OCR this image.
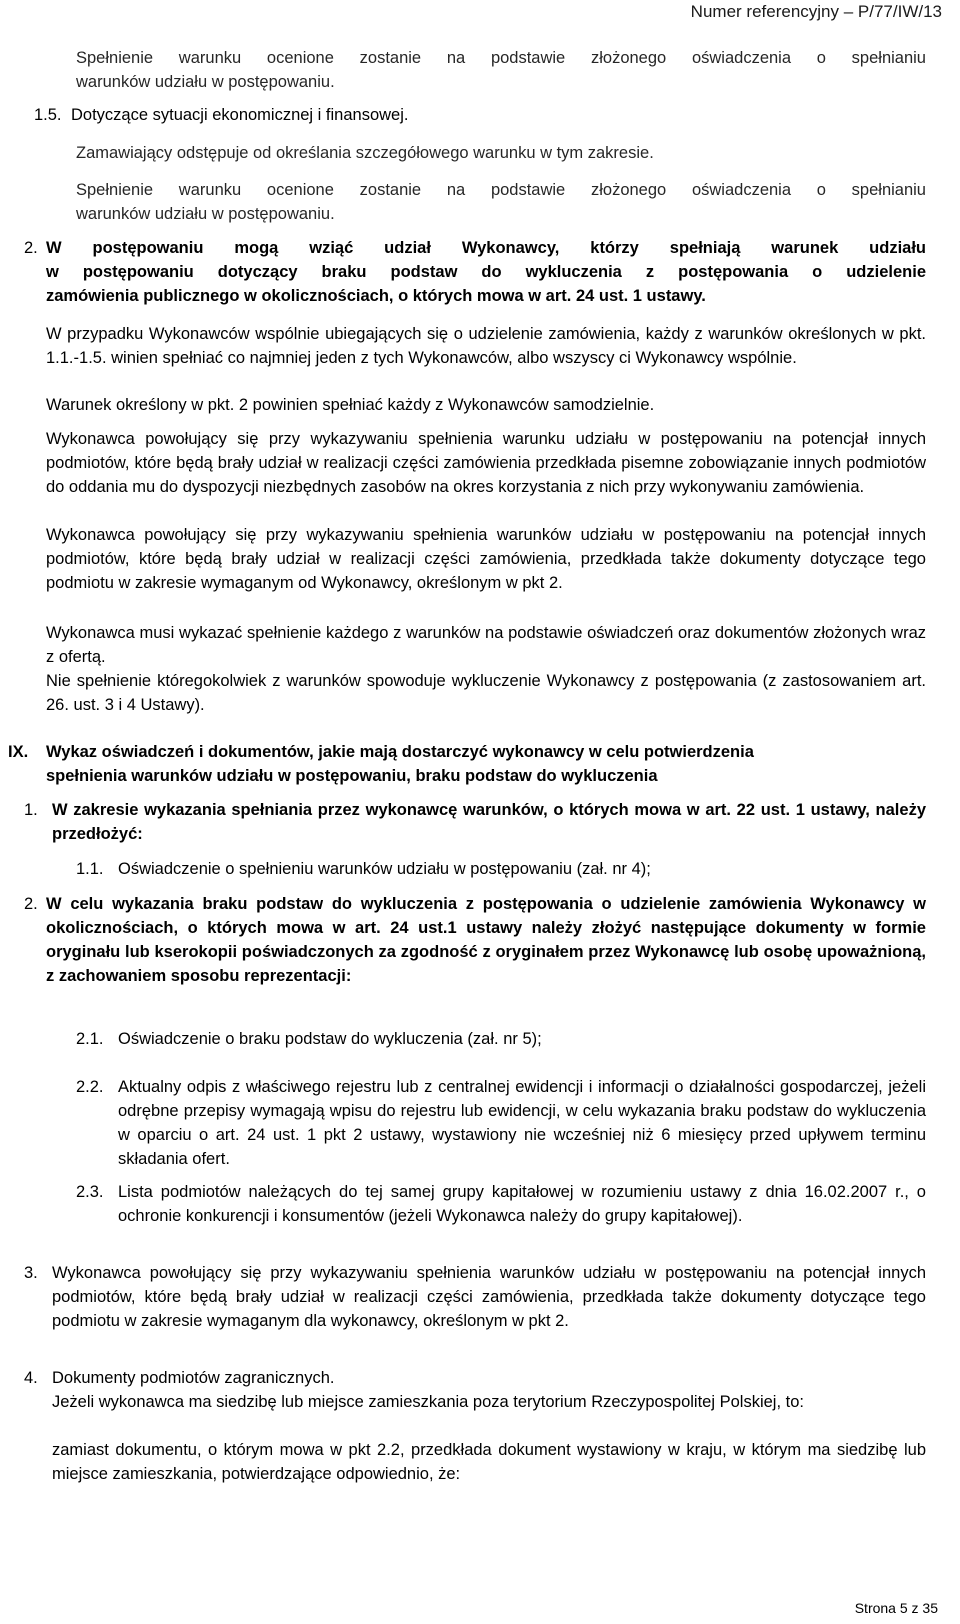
Numer referencyjny – P/77/IW/13
Spełnienie warunku ocenione zostanie na podstawie złożonego oświadczenia o spełnianiu
warunków udziału w postępowaniu.
1.5. Dotyczące sytuacji ekonomicznej i finansowej.
Zamawiający odstępuje od określania szczegółowego warunku w tym zakresie.
Spełnienie warunku ocenione zostanie na podstawie złożonego oświadczenia o spełnianiu
warunków udziału w postępowaniu.
2. W postępowaniu mogą wziąć udział Wykonawcy, którzy spełniają warunek udziału
w postępowaniu dotyczący braku podstaw do wykluczenia z postępowania o udzielenie
zamówienia publicznego w okolicznościach, o których mowa w art. 24 ust. 1 ustawy.
W przypadku Wykonawców wspólnie ubiegających się o udzielenie zamówienia, każdy z warunków określonych w pkt. 1.1.-1.5. winien spełniać co najmniej jeden z tych Wykonawców, albo wszyscy ci Wykonawcy wspólnie.
Warunek określony w pkt. 2 powinien spełniać każdy z Wykonawców samodzielnie.
Wykonawca powołujący się przy wykazywaniu spełnienia warunku udziału w postępowaniu na potencjał innych podmiotów, które będą brały udział w realizacji części zamówienia przedkłada pisemne zobowiązanie innych podmiotów do oddania mu do dyspozycji niezbędnych zasobów na okres korzystania z nich przy wykonywaniu zamówienia.
Wykonawca powołujący się przy wykazywaniu spełnienia warunków udziału w postępowaniu na potencjał innych podmiotów, które będą brały udział w realizacji części zamówienia, przedkłada także dokumenty dotyczące tego podmiotu w zakresie wymaganym od Wykonawcy, określonym w pkt 2.
Wykonawca musi wykazać spełnienie każdego z warunków na podstawie oświadczeń oraz dokumentów złożonych wraz z ofertą.
Nie spełnienie któregokolwiek z warunków spowoduje wykluczenie Wykonawcy z postępowania (z zastosowaniem art. 26. ust. 3 i 4 Ustawy).
IX. Wykaz oświadczeń i dokumentów, jakie mają dostarczyć wykonawcy w celu potwierdzenia
spełnienia warunków udziału w postępowaniu, braku podstaw do wykluczenia
1. W zakresie wykazania spełniania przez wykonawcę warunków, o których mowa w art. 22 ust. 1 ustawy, należy przedłożyć:
1.1. Oświadczenie o spełnieniu warunków udziału w postępowaniu (zał. nr 4);
2. W celu wykazania braku podstaw do wykluczenia z postępowania o udzielenie zamówienia Wykonawcy w okolicznościach, o których mowa w art. 24 ust.1 ustawy należy złożyć następujące dokumenty w formie oryginału lub kserokopii poświadczonych za zgodność z oryginałem przez Wykonawcę lub osobę upoważnioną, z zachowaniem sposobu reprezentacji:
2.1. Oświadczenie o braku podstaw do wykluczenia (zał. nr 5);
2.2. Aktualny odpis z właściwego rejestru lub z centralnej ewidencji i informacji o działalności gospodarczej, jeżeli odrębne przepisy wymagają wpisu do rejestru lub ewidencji, w celu wykazania braku podstaw do wykluczenia w oparciu o art. 24 ust. 1 pkt 2 ustawy, wystawiony nie wcześniej niż 6 miesięcy przed upływem terminu składania ofert.
2.3. Lista podmiotów należących do tej samej grupy kapitałowej w rozumieniu ustawy z dnia 16.02.2007 r., o ochronie konkurencji i konsumentów (jeżeli Wykonawca należy do grupy kapitałowej).
3. Wykonawca powołujący się przy wykazywaniu spełnienia warunków udziału w postępowaniu na potencjał innych podmiotów, które będą brały udział w realizacji części zamówienia, przedkłada także dokumenty dotyczące tego podmiotu w zakresie wymaganym dla wykonawcy, określonym w pkt 2.
4. Dokumenty podmiotów zagranicznych.
Jeżeli wykonawca ma siedzibę lub miejsce zamieszkania poza terytorium Rzeczypospolitej Polskiej, to:
zamiast dokumentu, o którym mowa w pkt 2.2, przedkłada dokument wystawiony w kraju, w którym ma siedzibę lub miejsce zamieszkania, potwierdzające odpowiednio, że:
Strona 5 z 35
